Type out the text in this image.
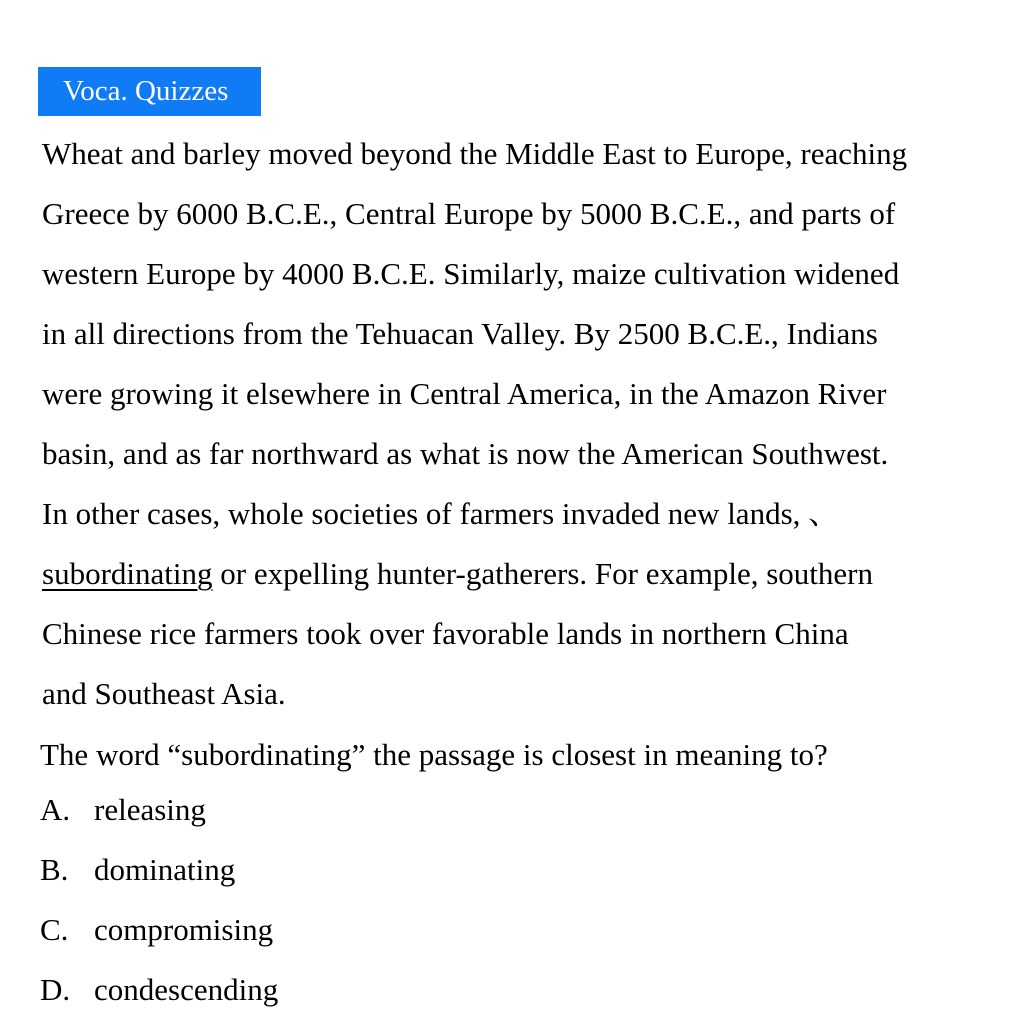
Voca. Quizzes
Wheat and barley moved beyond the Middle East to Europe, reaching
Greece by 6000 B.C.E., Central Europe by 5000 B.C.E., and parts of
western Europe by 4000 B.C.E. Similarly, maize cultivation widened
in all directions from the Tehuacan Valley. By 2500 B.C.E., Indians
were growing it elsewhere in Central America, in the Amazon River
basin, and as far northward as what is now the American Southwest.
In other cases, whole societies of farmers invaded new lands, 、
subordinating or expelling hunter-gatherers. For example, southern
Chinese rice farmers took over favorable lands in northern China
and Southeast Asia.
The word “subordinating” the passage is closest in meaning to?
A. releasing
B. dominating
C. compromising
D. condescending
